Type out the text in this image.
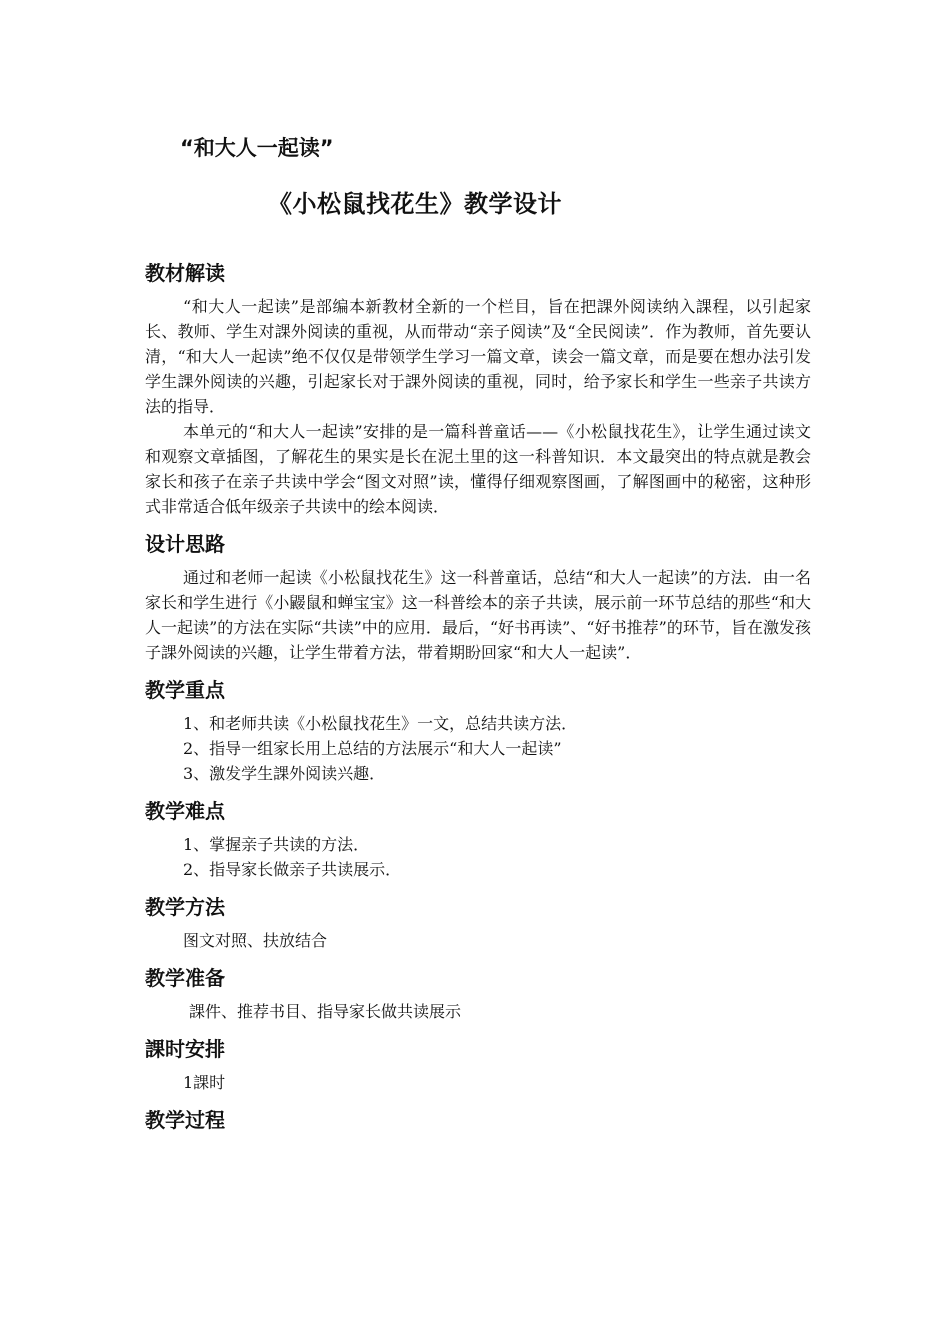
“和大人一起读”

《小松鼠找花生》教学设计
教材解读

“和大人一起读”是部编本新教材全新的一个栏目，旨在把課外阅读纳入課程，以引起家长、教师、学生对課外阅读的重视，从而带动“亲子阅读”及“全民阅读”．作为教师，首先要认清，“和大人一起读”绝不仅仅是带领学生学习一篇文章，读会一篇文章，而是要在想办法引发学生課外阅读的兴趣，引起家长对于課外阅读的重视，同时，给予家长和学生一些亲子共读方法的指导．

本单元的“和大人一起读”安排的是一篇科普童话——《小松鼠找花生》，让学生通过读文和观察文章插图，了解花生的果实是长在泥土里的这一科普知识．本文最突出的特点就是教会家长和孩子在亲子共读中学会“图文对照”读，懂得仔细观察图画，了解图画中的秘密，这种形式非常适合低年级亲子共读中的绘本阅读．

设计思路

通过和老师一起读《小松鼠找花生》这一科普童话，总结“和大人一起读”的方法．由一名家长和学生进行《小鼹鼠和蝉宝宝》这一科普绘本的亲子共读，展示前一环节总结的那些“和大人一起读”的方法在实际“共读”中的应用．最后，“好书再读”、“好书推荐”的环节，旨在激发孩子課外阅读的兴趣，让学生带着方法，带着期盼回家“和大人一起读”．

教学重点
1、和老师共读《小松鼠找花生》一文，总结共读方法．
2、指导一组家长用上总结的方法展示“和大人一起读”
3、激发学生課外阅读兴趣．
教学难点
1、掌握亲子共读的方法．
2、指导家长做亲子共读展示．
教学方法

图文对照、扶放结合

教学准备

課件、推荐书目、指导家长做共读展示

課时安排

1課时

教学过程
